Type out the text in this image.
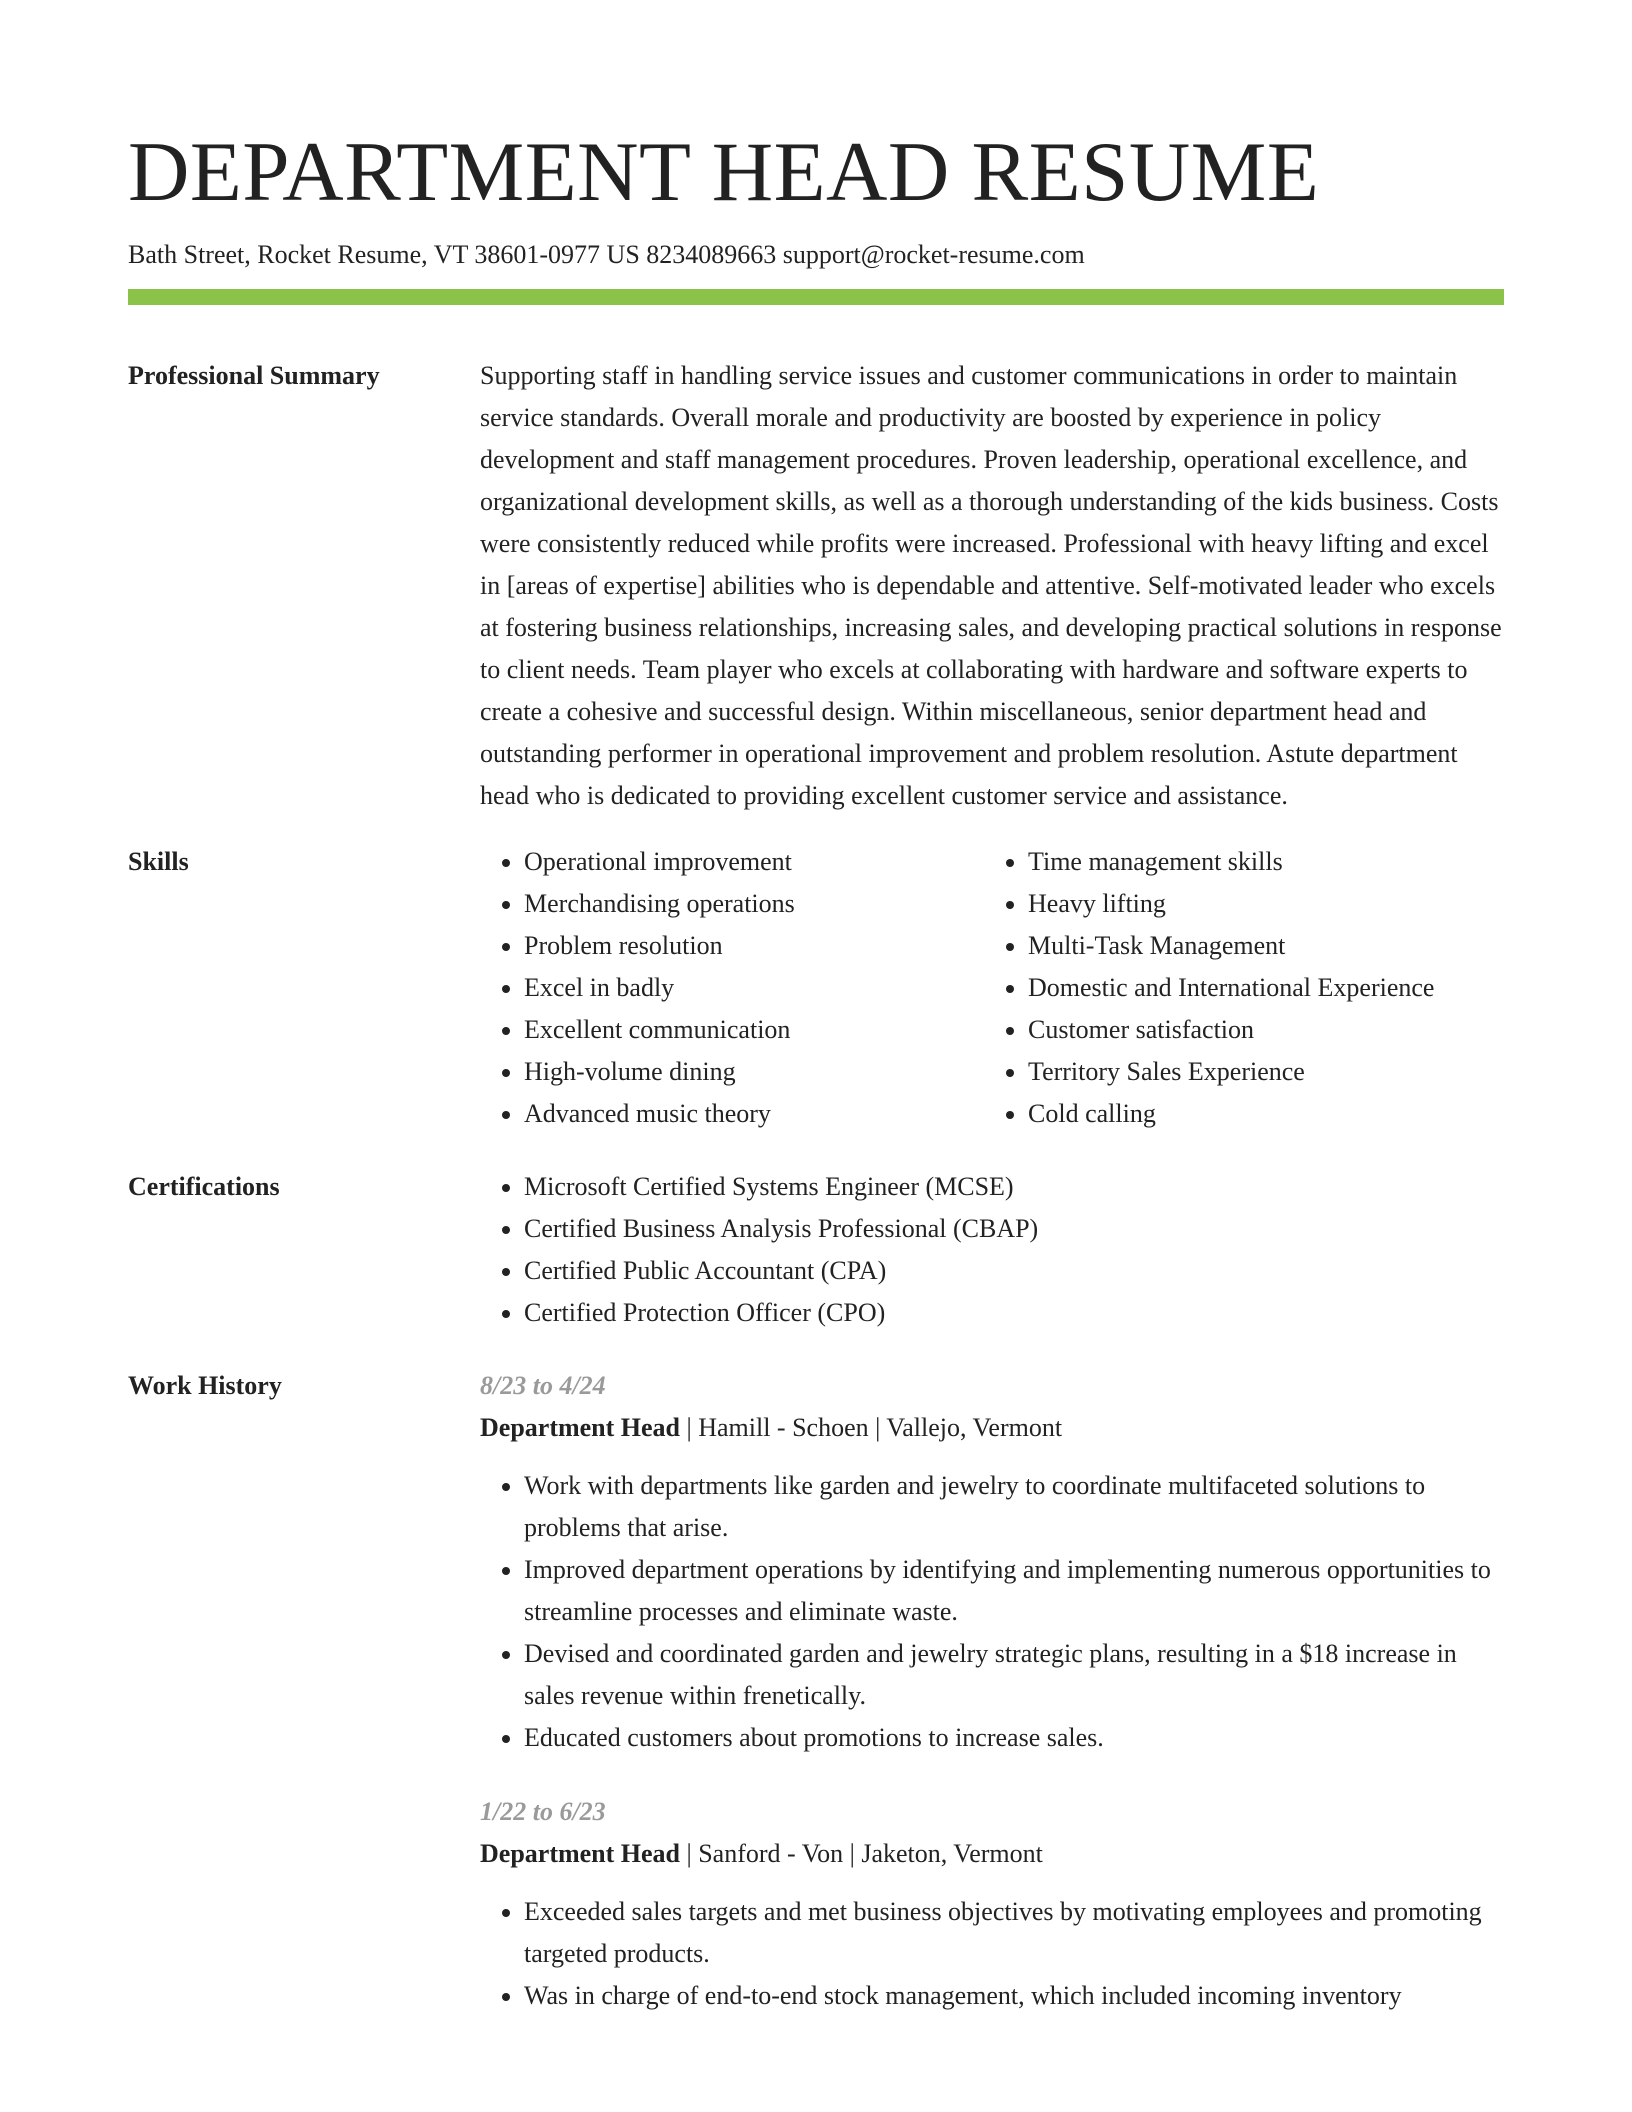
DEPARTMENT HEAD RESUME
Bath Street, Rocket Resume, VT 38601-0977 US 8234089663 support@rocket-resume.com
Professional Summary	Supporting staff in handling service issues and customer communications in order to maintain service standards. Overall morale and productivity are boosted by experience in policy development and staff management procedures. Proven leadership, operational excellence, and organizational development skills, as well as a thorough understanding of the kids business. Costs were consistently reduced while profits were increased. Professional with heavy lifting and excel in [areas of expertise] abilities who is dependable and attentive. Self-motivated leader who excels at fostering business relationships, increasing sales, and developing practical solutions in response to client needs. Team player who excels at collaborating with hardware and software experts to create a cohesive and successful design. Within miscellaneous, senior department head and outstanding performer in operational improvement and problem resolution. Astute department head who is dedicated to providing excellent customer service and assistance.

Skills	• Operational improvement
• Merchandising operations
• Problem resolution
• Excel in badly
• Excellent communication
• High-volume dining
• Advanced music theory
• Time management skills
• Heavy lifting
• Multi-Task Management
• Domestic and International Experience
• Customer satisfaction
• Territory Sales Experience
• Cold calling
Certifications	• Microsoft Certified Systems Engineer (MCSE)
• Certified Business Analysis Professional (CBAP)
• Certified Public Accountant (CPA)
• Certified Protection Officer (CPO)
Work History	8/23 to 4/24
Department Head | Hamill - Schoen | Vallejo, Vermont
• Work with departments like garden and jewelry to coordinate multifaceted solutions to problems that arise.
• Improved department operations by identifying and implementing numerous opportunities to streamline processes and eliminate waste.
• Devised and coordinated garden and jewelry strategic plans, resulting in a $18 increase in sales revenue within frenetically.
• Educated customers about promotions to increase sales.
1/22 to 6/23
Department Head | Sanford - Von | Jaketon, Vermont
• Exceeded sales targets and met business objectives by motivating employees and promoting targeted products.
• Was in charge of end-to-end stock management, which included incoming inventory
